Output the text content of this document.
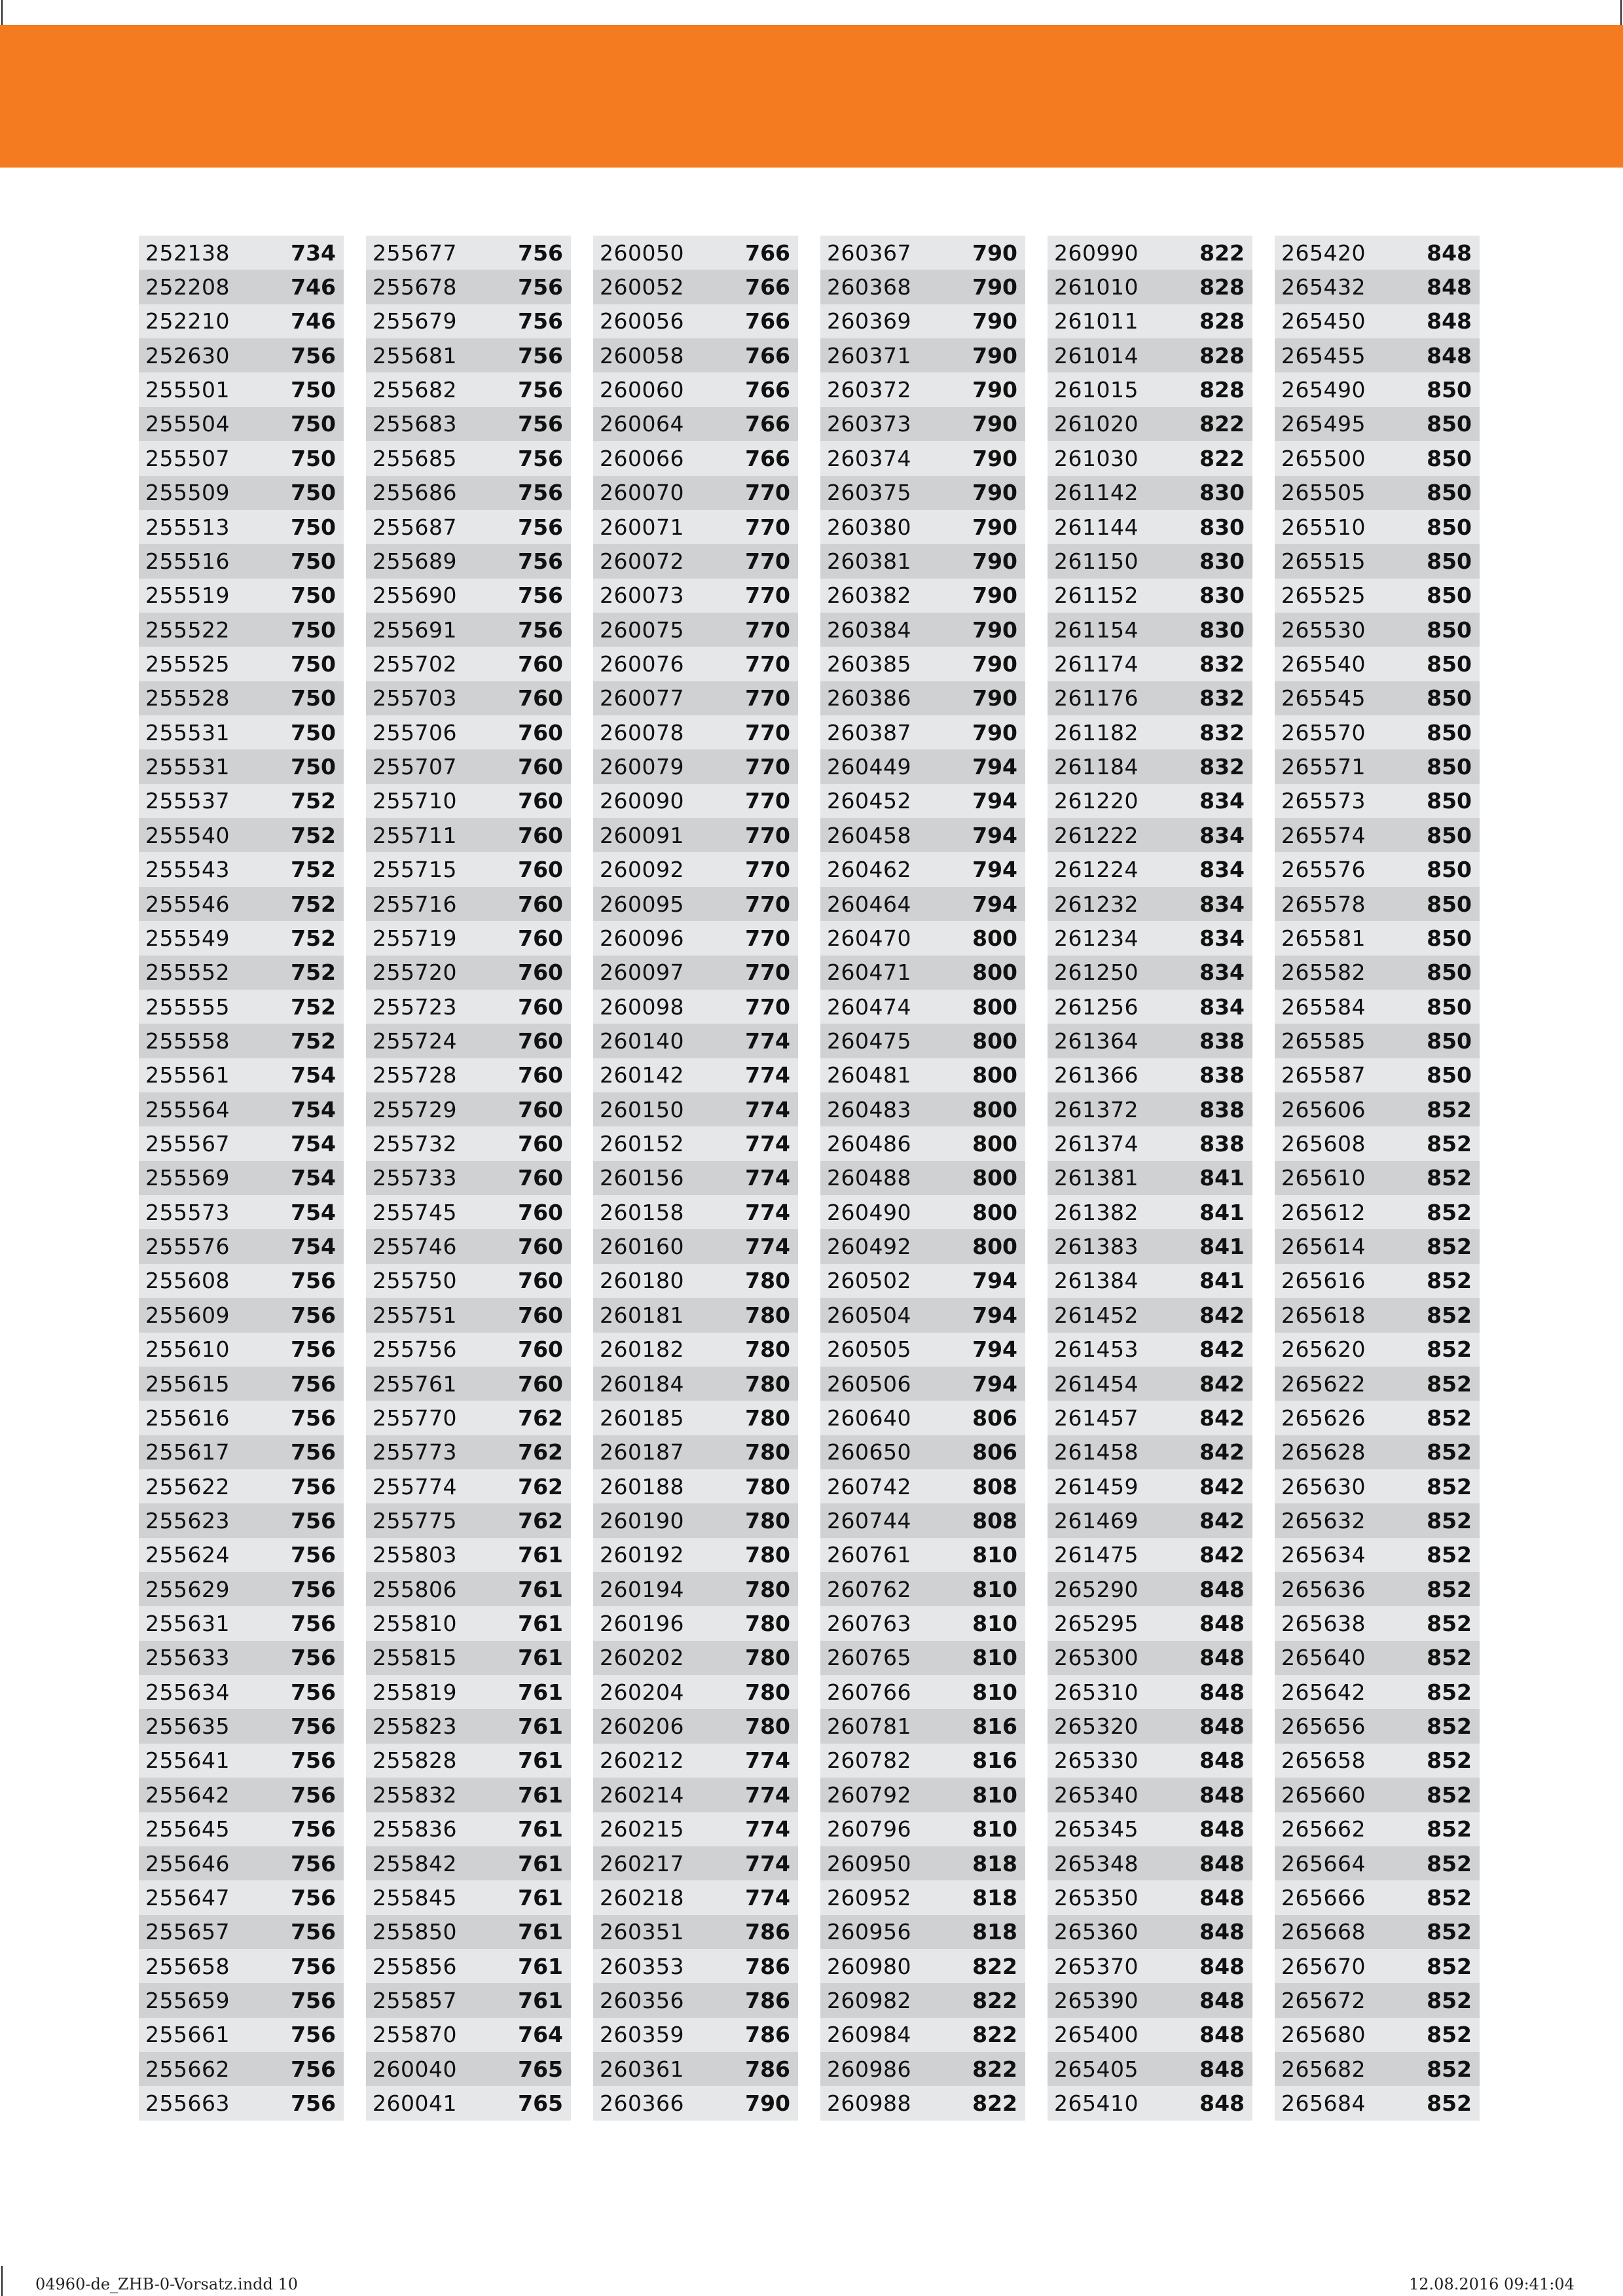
252138	734
252208	746
252210	746
252630	756
255501	750
255504	750
255507	750
255509	750
255513	750
255516	750
255519	750
255522	750
255525	750
255528	750
255531	750
255531	750
255537	752
255540	752
255543	752
255546	752
255549	752
255552	752
255555	752
255558	752
255561	754
255564	754
255567	754
255569	754
255573	754
255576	754
255608	756
255609	756
255610	756
255615	756
255616	756
255617	756
255622	756
255623	756
255624	756
255629	756
255631	756
255633	756
255634	756
255635	756
255641	756
255642	756
255645	756
255646	756
255647	756
255657	756
255658	756
255659	756
255661	756
255662	756
255663	756
255677	756
255678	756
255679	756
255681	756
255682	756
255683	756
255685	756
255686	756
255687	756
255689	756
255690	756
255691	756
255702	760
255703	760
255706	760
255707	760
255710	760
255711	760
255715	760
255716	760
255719	760
255720	760
255723	760
255724	760
255728	760
255729	760
255732	760
255733	760
255745	760
255746	760
255750	760
255751	760
255756	760
255761	760
255770	762
255773	762
255774	762
255775	762
255803	761
255806	761
255810	761
255815	761
255819	761
255823	761
255828	761
255832	761
255836	761
255842	761
255845	761
255850	761
255856	761
255857	761
255870	764
260040	765
260041	765
260050	766
260052	766
260056	766
260058	766
260060	766
260064	766
260066	766
260070	770
260071	770
260072	770
260073	770
260075	770
260076	770
260077	770
260078	770
260079	770
260090	770
260091	770
260092	770
260095	770
260096	770
260097	770
260098	770
260140	774
260142	774
260150	774
260152	774
260156	774
260158	774
260160	774
260180	780
260181	780
260182	780
260184	780
260185	780
260187	780
260188	780
260190	780
260192	780
260194	780
260196	780
260202	780
260204	780
260206	780
260212	774
260214	774
260215	774
260217	774
260218	774
260351	786
260353	786
260356	786
260359	786
260361	786
260366	790
260367	790
260368	790
260369	790
260371	790
260372	790
260373	790
260374	790
260375	790
260380	790
260381	790
260382	790
260384	790
260385	790
260386	790
260387	790
260449	794
260452	794
260458	794
260462	794
260464	794
260470	800
260471	800
260474	800
260475	800
260481	800
260483	800
260486	800
260488	800
260490	800
260492	800
260502	794
260504	794
260505	794
260506	794
260640	806
260650	806
260742	808
260744	808
260761	810
260762	810
260763	810
260765	810
260766	810
260781	816
260782	816
260792	810
260796	810
260950	818
260952	818
260956	818
260980	822
260982	822
260984	822
260986	822
260988	822
260990	822
261010	828
261011	828
261014	828
261015	828
261020	822
261030	822
261142	830
261144	830
261150	830
261152	830
261154	830
261174	832
261176	832
261182	832
261184	832
261220	834
261222	834
261224	834
261232	834
261234	834
261250	834
261256	834
261364	838
261366	838
261372	838
261374	838
261381	841
261382	841
261383	841
261384	841
261452	842
261453	842
261454	842
261457	842
261458	842
261459	842
261469	842
261475	842
265290	848
265295	848
265300	848
265310	848
265320	848
265330	848
265340	848
265345	848
265348	848
265350	848
265360	848
265370	848
265390	848
265400	848
265405	848
265410	848
265420	848
265432	848
265450	848
265455	848
265490	850
265495	850
265500	850
265505	850
265510	850
265515	850
265525	850
265530	850
265540	850
265545	850
265570	850
265571	850
265573	850
265574	850
265576	850
265578	850
265581	850
265582	850
265584	850
265585	850
265587	850
265606	852
265608	852
265610	852
265612	852
265614	852
265616	852
265618	852
265620	852
265622	852
265626	852
265628	852
265630	852
265632	852
265634	852
265636	852
265638	852
265640	852
265642	852
265656	852
265658	852
265660	852
265662	852
265664	852
265666	852
265668	852
265670	852
265672	852
265680	852
265682	852
265684	852
04960-de_ZHB-0-Vorsatz.indd 10	12.08.2016 09:41:04
